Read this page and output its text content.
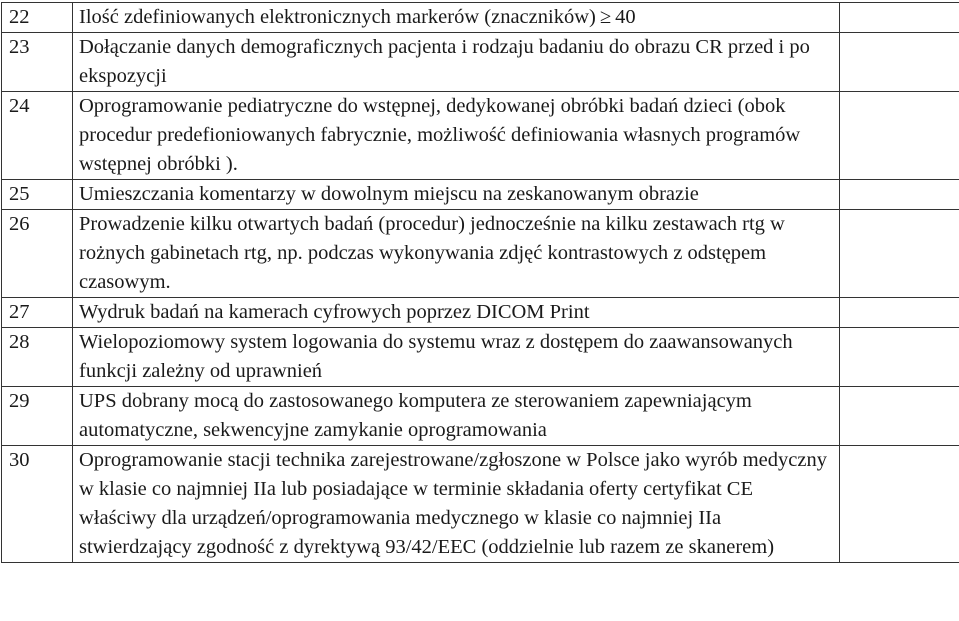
22	Ilość zdefiniowanych elektronicznych markerów (znaczników) ≥ 40	
23	Dołączanie danych demograficznych pacjenta i rodzaju badaniu do obrazu CR przed i po ekspozycji	
24	Oprogramowanie pediatryczne do wstępnej, dedykowanej obróbki badań dzieci (obok procedur predefioniowanych fabrycznie, możliwość definiowania własnych programów wstępnej obróbki ).	
25	Umieszczania komentarzy w dowolnym miejscu na zeskanowanym obrazie	
26	Prowadzenie kilku otwartych badań (procedur) jednocześnie na kilku zestawach rtg w rożnych gabinetach rtg, np. podczas wykonywania zdjęć kontrastowych z odstępem czasowym.	
27	Wydruk badań na kamerach cyfrowych poprzez DICOM Print	
28	Wielopoziomowy system logowania do systemu wraz z dostępem do zaawansowanych funkcji zależny od uprawnień	
29	UPS dobrany mocą do zastosowanego komputera ze sterowaniem zapewniającym automatyczne, sekwencyjne zamykanie oprogramowania	
30	Oprogramowanie stacji technika zarejestrowane/zgłoszone w Polsce jako wyrób medyczny w klasie co najmniej IIa lub posiadające w terminie składania oferty certyfikat CE właściwy dla urządzeń/oprogramowania medycznego w klasie co najmniej IIa stwierdzający zgodność z dyrektywą 93/42/EEC (oddzielnie lub razem ze skanerem)	
